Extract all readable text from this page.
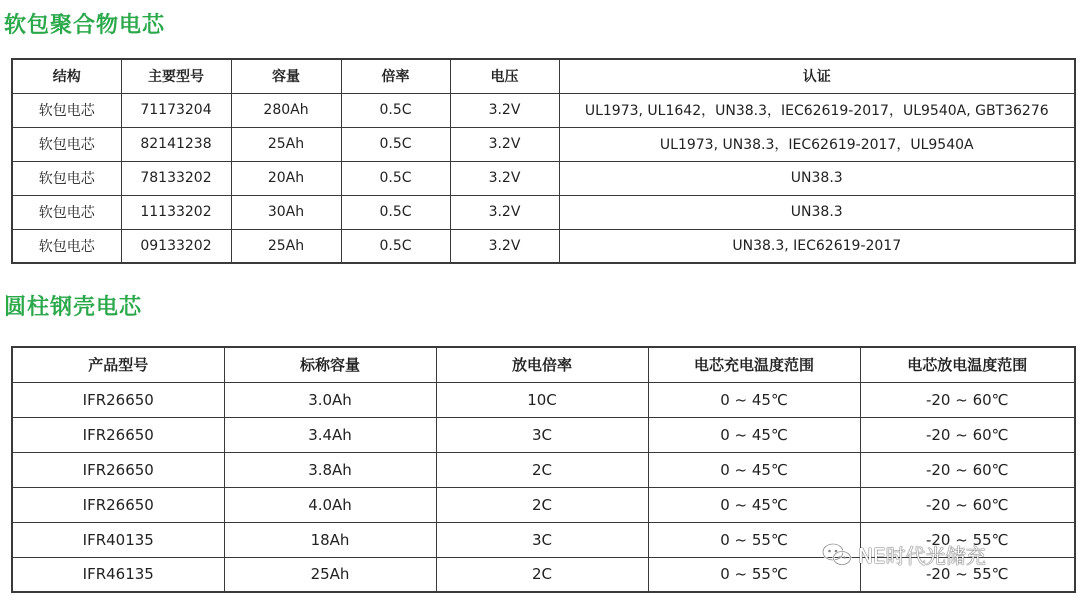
软包聚合物电芯
结构	主要型号	容量	倍率	电压	认证
软包电芯	71173204	280Ah	0.5C	3.2V	UL1973, UL1642，UN38.3，IEC62619-2017，UL9540A, GBT36276
软包电芯	82141238	25Ah	0.5C	3.2V	UL1973, UN38.3，IEC62619-2017，UL9540A
软包电芯	78133202	20Ah	0.5C	3.2V	UN38.3
软包电芯	11133202	30Ah	0.5C	3.2V	UN38.3
软包电芯	09133202	25Ah	0.5C	3.2V	UN38.3, IEC62619-2017
圆柱钢壳电芯
产品型号	标称容量	放电倍率	电芯充电温度范围	电芯放电温度范围
IFR26650	3.0Ah	10C	0 ~ 45℃	-20 ~ 60℃
IFR26650	3.4Ah	3C	0 ~ 45℃	-20 ~ 60℃
IFR26650	3.8Ah	2C	0 ~ 45℃	-20 ~ 60℃
IFR26650	4.0Ah	2C	0 ~ 45℃	-20 ~ 60℃
IFR40135	18Ah	3C	0 ~ 55℃	-20 ~ 55℃
IFR46135	25Ah	2C	0 ~ 55℃	-20 ~ 55℃
NE时代光储充
